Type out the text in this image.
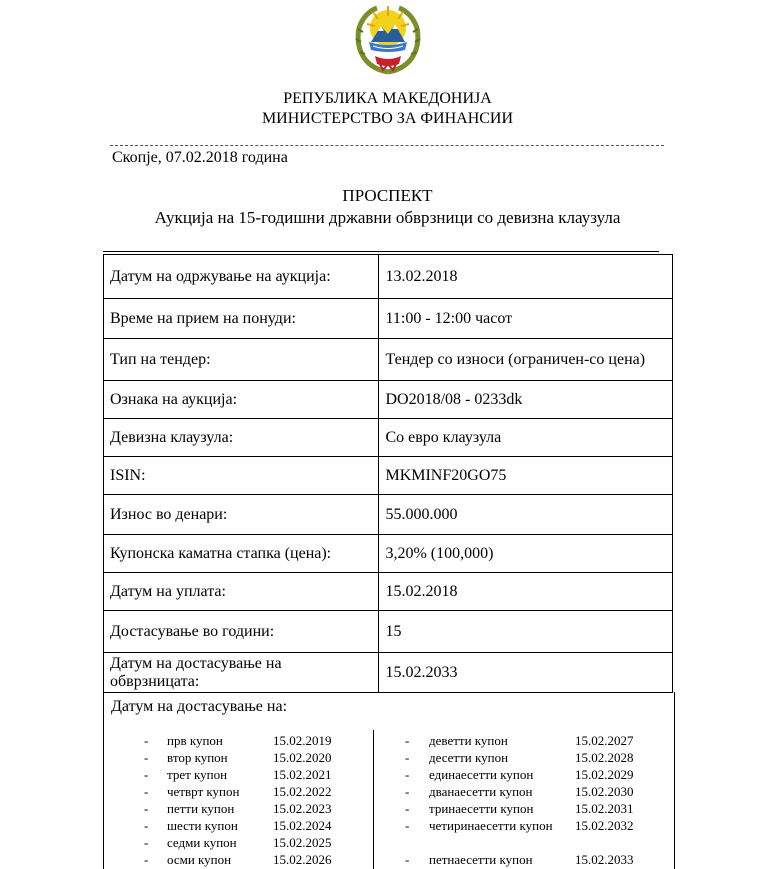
РЕПУБЛИКА МАКЕДОНИЈА
МИНИСТЕРСТВО ЗА ФИНАНСИИ
Скопје, 07.02.2018 година
ПРОСПЕКТ
Аукција на 15-годишни државни обврзници со девизна клаузула
Датум на одржување на аукција:	13.02.2018
Време на прием на понуди:	11:00 - 12:00 часот
Тип на тендер:	Тендер со износи (ограничен-со цена)
Ознака на аукција:	DO2018/08 - 0233dk
Девизна клаузула:	Со евро клаузула
ISIN:	MKMINF20GO75
Износ во денари:	55.000.000
Купонска каматна стапка (цена):	3,20% (100,000)
Датум на уплата:	15.02.2018
Достасување во години:	15
Датум на достасување на обврзницата:	15.02.2033
Датум на достасување на:
-	прв купон	15.02.2019
-	втор купон	15.02.2020
-	трет купон	15.02.2021
-	четврт купон	15.02.2022
-	петти купон	15.02.2023
-	шести купон	15.02.2024
-	седми купон	15.02.2025
-	осми купон	15.02.2026
-	деветти купон	15.02.2027
-	десетти купон	15.02.2028
-	единаесетти купон	15.02.2029
-	дванаесетти купон	15.02.2030
-	тринаесетти купон	15.02.2031
-	четиринаесетти купон 15.02.2032
-	петнаесетти купон	15.02.2033
